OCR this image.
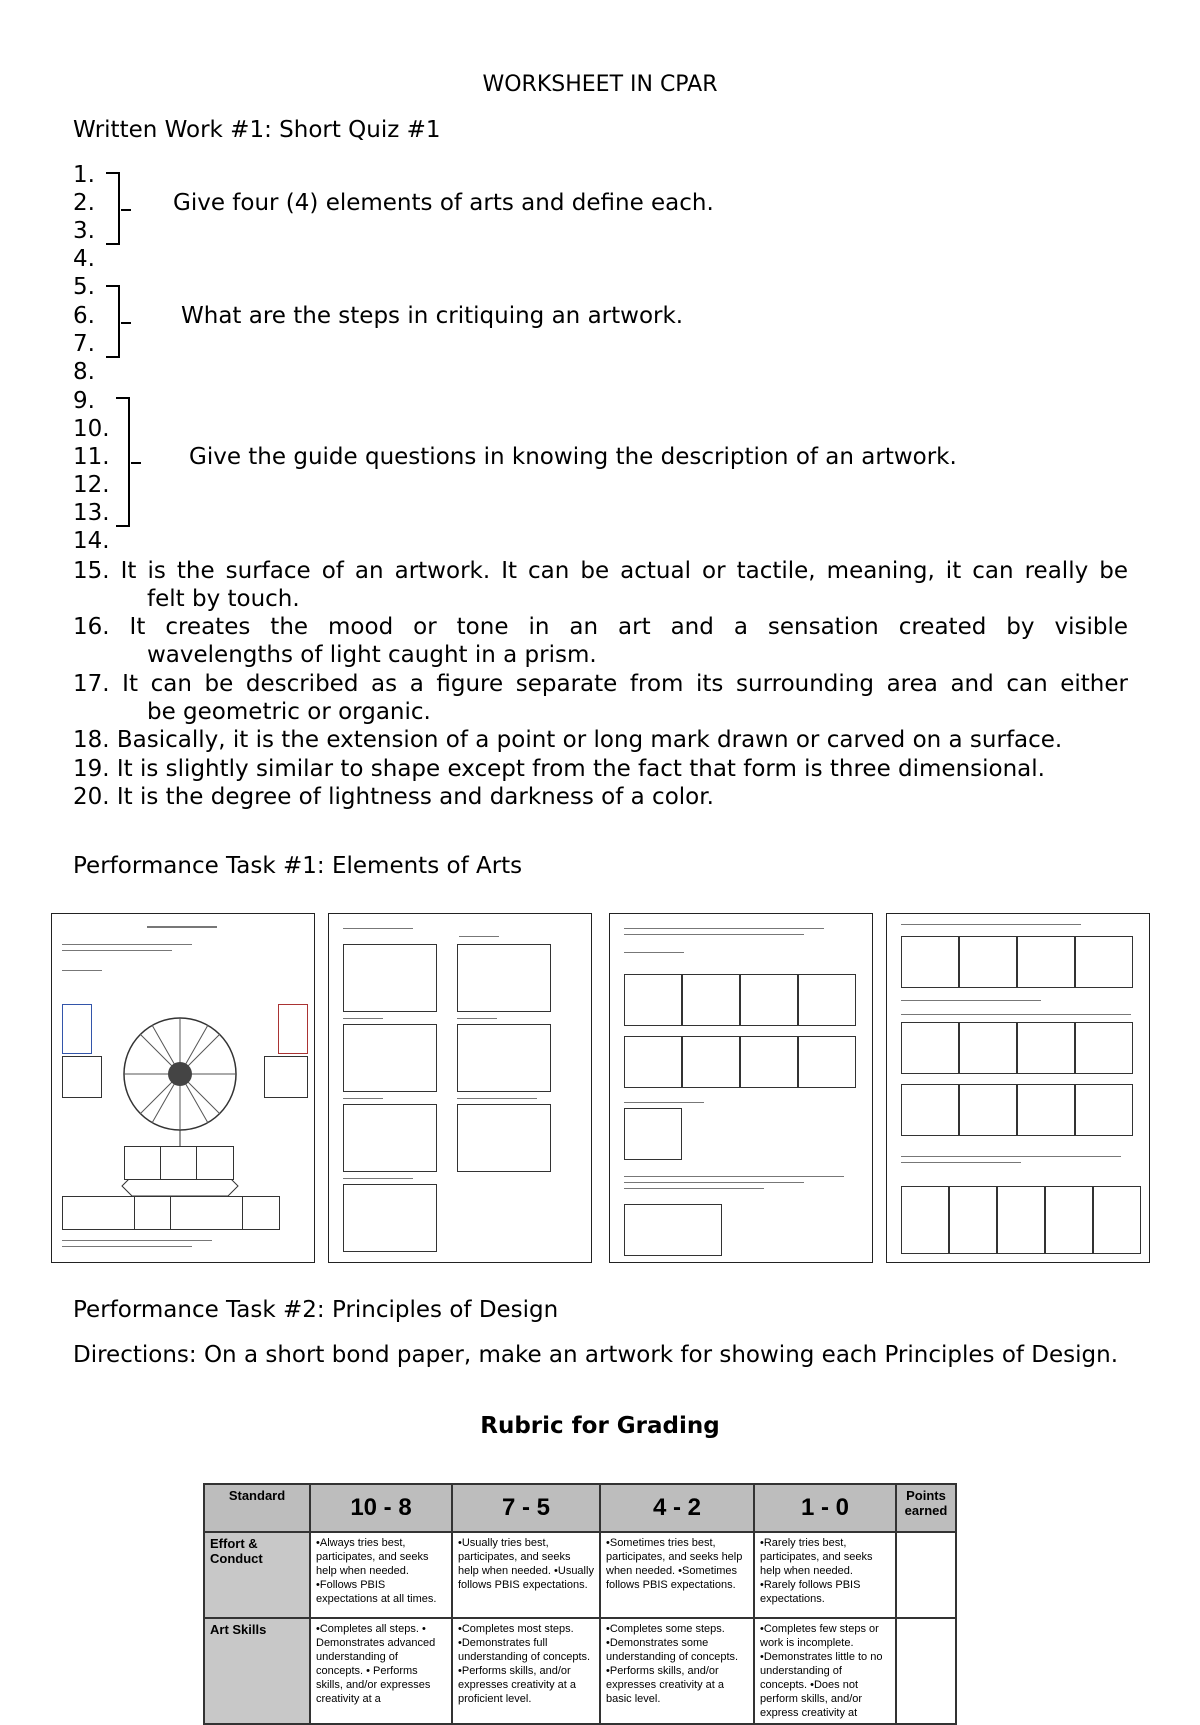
WORKSHEET IN CPAR
Written Work #1: Short Quiz #1
1.
2.
3.
4.
5.
6.
7.
8.
9.
10.
11.
12.
13.
14.
Give four (4) elements of arts and define each.
What are the steps in critiquing an artwork.
Give the guide questions in knowing the description of an artwork.
15. It is the surface of an artwork. It can be actual or tactile, meaning, it can really be
felt by touch.
16. It creates the mood or tone in an art and a sensation created by visible
wavelengths of light caught in a prism.
17. It can be described as a figure separate from its surrounding area and can either
be geometric or organic.
18. Basically, it is the extension of a point or long mark drawn or carved on a surface.
19. It is slightly similar to shape except from the fact that form is three dimensional.
20. It is the degree of lightness and darkness of a color.
Performance Task #1: Elements of Arts
Performance Task #2: Principles of Design
Directions: On a short bond paper, make an artwork for showing each Principles of Design.
Rubric for Grading
Standard	10 - 8	7 - 5	4 - 2	1 - 0	Points earned
Effort & Conduct	•Always tries best, participates, and seeks help when needed. •Follows PBIS expectations at all times.	•Usually tries best, participates, and seeks help when needed. •Usually follows PBIS expectations.	•Sometimes tries best, participates, and seeks help when needed. •Sometimes follows PBIS expectations.	•Rarely tries best, participates, and seeks help when needed. •Rarely follows PBIS expectations.	
Art Skills	•Completes all steps. • Demonstrates advanced understanding of concepts. • Performs skills, and/or expresses creativity at a	•Completes most steps. •Demonstrates full understanding of concepts. •Performs skills, and/or expresses creativity at a proficient level.	•Completes some steps. •Demonstrates some understanding of concepts. •Performs skills, and/or expresses creativity at a basic level.	•Completes few steps or work is incomplete. •Demonstrates little to no understanding of concepts. •Does not perform skills, and/or express creativity at	
